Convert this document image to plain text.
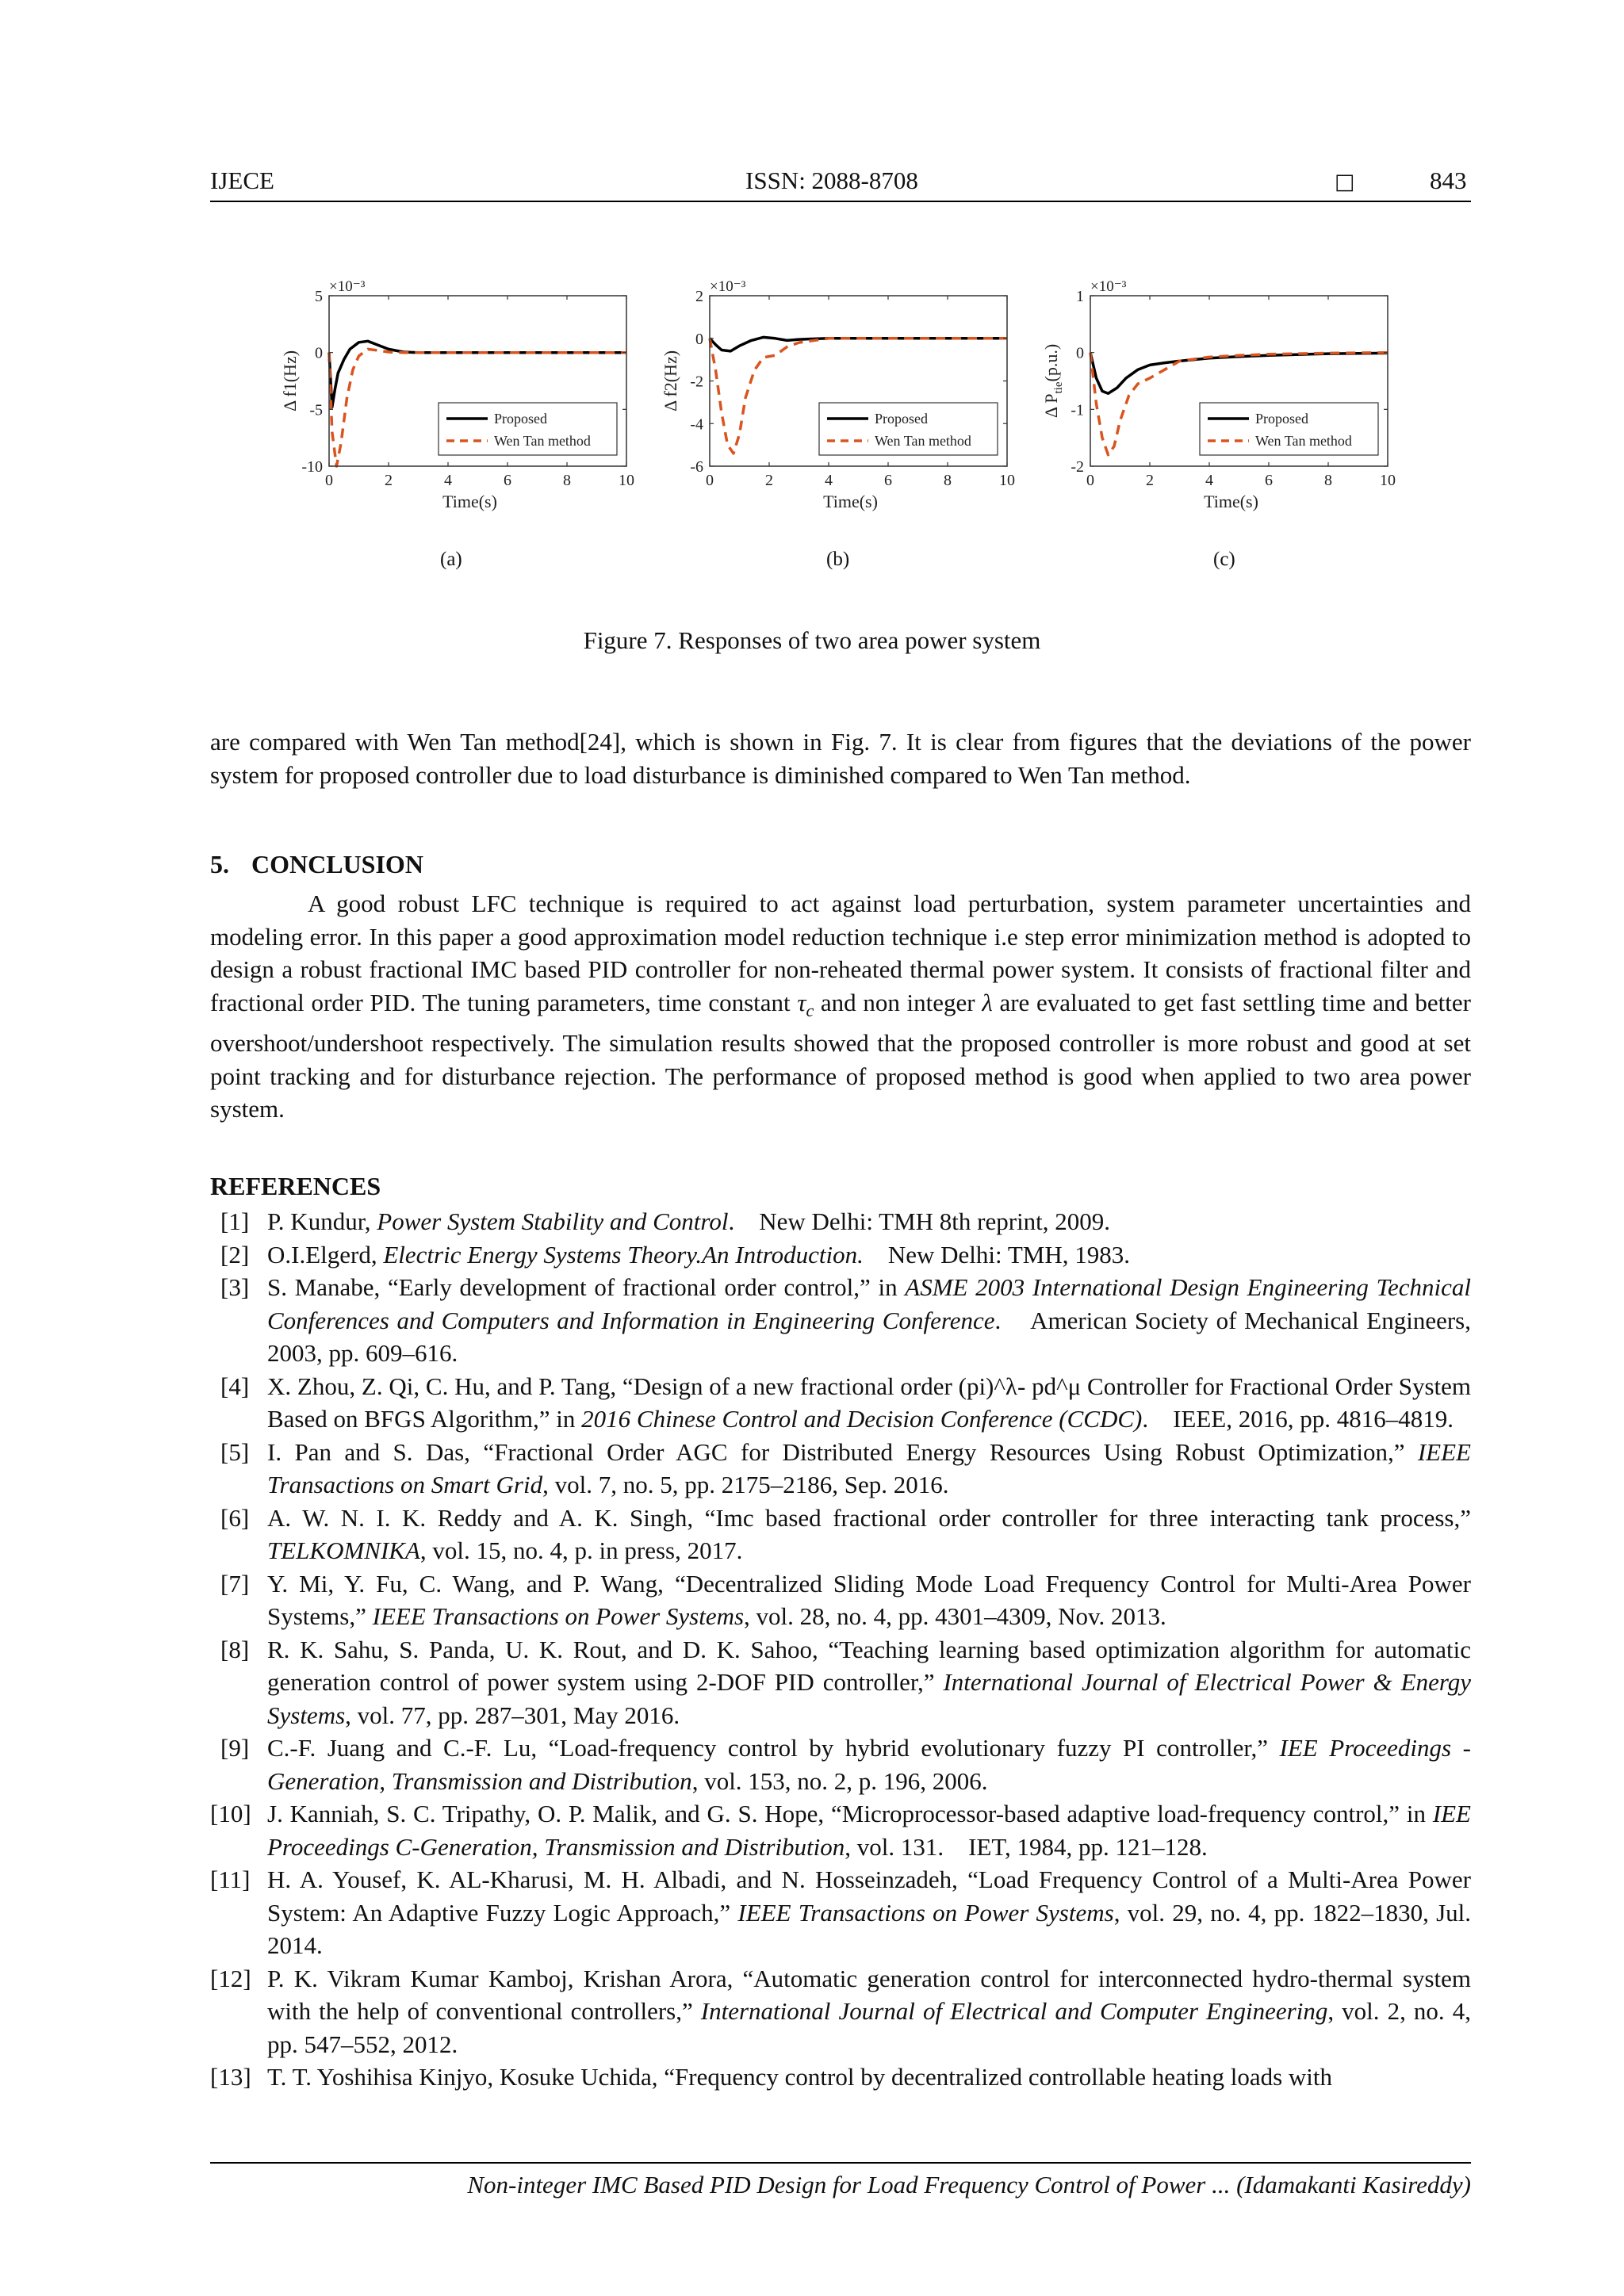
IJECE	ISSN: 2088-8708	□	843
5
0
-5
-10
0	2	4	6	8	10
×10⁻³
Time(s)
Δ f1(Hz)
Proposed
Wen Tan method
2
0
-2
-4
-6
0	2	4	6	8	10
×10⁻³
Time(s)
Δ f2(Hz)
Proposed
Wen Tan method
1
0
-1
-2
0	2	4	6	8	10
×10⁻³
Time(s)
Δ $P_{tie}(p.u.)$
Proposed
Wen Tan method
(a)	(b)	(c)
Figure 7. Responses of two area power system
are compared with Wen Tan method[24], which is shown in Fig. 7. It is clear from figures that the deviations of the power system for proposed controller due to load disturbance is diminished compared to Wen Tan method.
5. CONCLUSION
A good robust LFC technique is required to act against load perturbation, system parameter uncertainties and modeling error. In this paper a good approximation model reduction technique i.e step error minimization method is adopted to design a robust fractional IMC based PID controller for non-reheated thermal power system. It consists of fractional filter and fractional order PID. The tuning parameters, time constant $\tau_c$ and non integer λ are evaluated to get fast settling time and better overshoot/undershoot respectively. The simulation results showed that the proposed controller is more robust and good at set point tracking and for disturbance rejection. The performance of proposed method is good when applied to two area power system.
REFERENCES
[1] P. Kundur, Power System Stability and Control.    New Delhi: TMH 8th reprint, 2009.
[2] O.I.Elgerd, Electric Energy Systems Theory.An Introduction.    New Delhi: TMH, 1983.
[3] S. Manabe, “Early development of fractional order control,” in ASME 2003 International Design Engineering Technical Conferences and Computers and Information in Engineering Conference.    American Society of Mechanical Engineers, 2003, pp. 609–616.
[4] X. Zhou, Z. Qi, C. Hu, and P. Tang, “Design of a new fractional order (pi)^λ- pd^μ Controller for Fractional Order System Based on BFGS Algorithm,” in 2016 Chinese Control and Decision Conference (CCDC).    IEEE, 2016, pp. 4816–4819.
[5] I. Pan and S. Das, “Fractional Order AGC for Distributed Energy Resources Using Robust Optimization,” IEEE Transactions on Smart Grid, vol. 7, no. 5, pp. 2175–2186, Sep. 2016.
[6] A. W. N. I. K. Reddy and A. K. Singh, “Imc based fractional order controller for three interacting tank process,” TELKOMNIKA, vol. 15, no. 4, p. in press, 2017.
[7] Y. Mi, Y. Fu, C. Wang, and P. Wang, “Decentralized Sliding Mode Load Frequency Control for Multi-Area Power Systems,” IEEE Transactions on Power Systems, vol. 28, no. 4, pp. 4301–4309, Nov. 2013.
[8] R. K. Sahu, S. Panda, U. K. Rout, and D. K. Sahoo, “Teaching learning based optimization algorithm for automatic generation control of power system using 2-DOF PID controller,” International Journal of Electrical Power & Energy Systems, vol. 77, pp. 287–301, May 2016.
[9] C.-F. Juang and C.-F. Lu, “Load-frequency control by hybrid evolutionary fuzzy PI controller,” IEE Proceedings - Generation, Transmission and Distribution, vol. 153, no. 2, p. 196, 2006.
[10] J. Kanniah, S. C. Tripathy, O. P. Malik, and G. S. Hope, “Microprocessor-based adaptive load-frequency control,” in IEE Proceedings C-Generation, Transmission and Distribution, vol. 131.    IET, 1984, pp. 121–128.
[11] H. A. Yousef, K. AL-Kharusi, M. H. Albadi, and N. Hosseinzadeh, “Load Frequency Control of a Multi-Area Power System: An Adaptive Fuzzy Logic Approach,” IEEE Transactions on Power Systems, vol. 29, no. 4, pp. 1822–1830, Jul. 2014.
[12] P. K. Vikram Kumar Kamboj, Krishan Arora, “Automatic generation control for interconnected hydro-thermal system with the help of conventional controllers,” International Journal of Electrical and Computer Engineering, vol. 2, no. 4, pp. 547–552, 2012.
[13] T. T. Yoshihisa Kinjyo, Kosuke Uchida, “Frequency control by decentralized controllable heating loads with
Non-integer IMC Based PID Design for Load Frequency Control of Power ... (Idamakanti Kasireddy)
